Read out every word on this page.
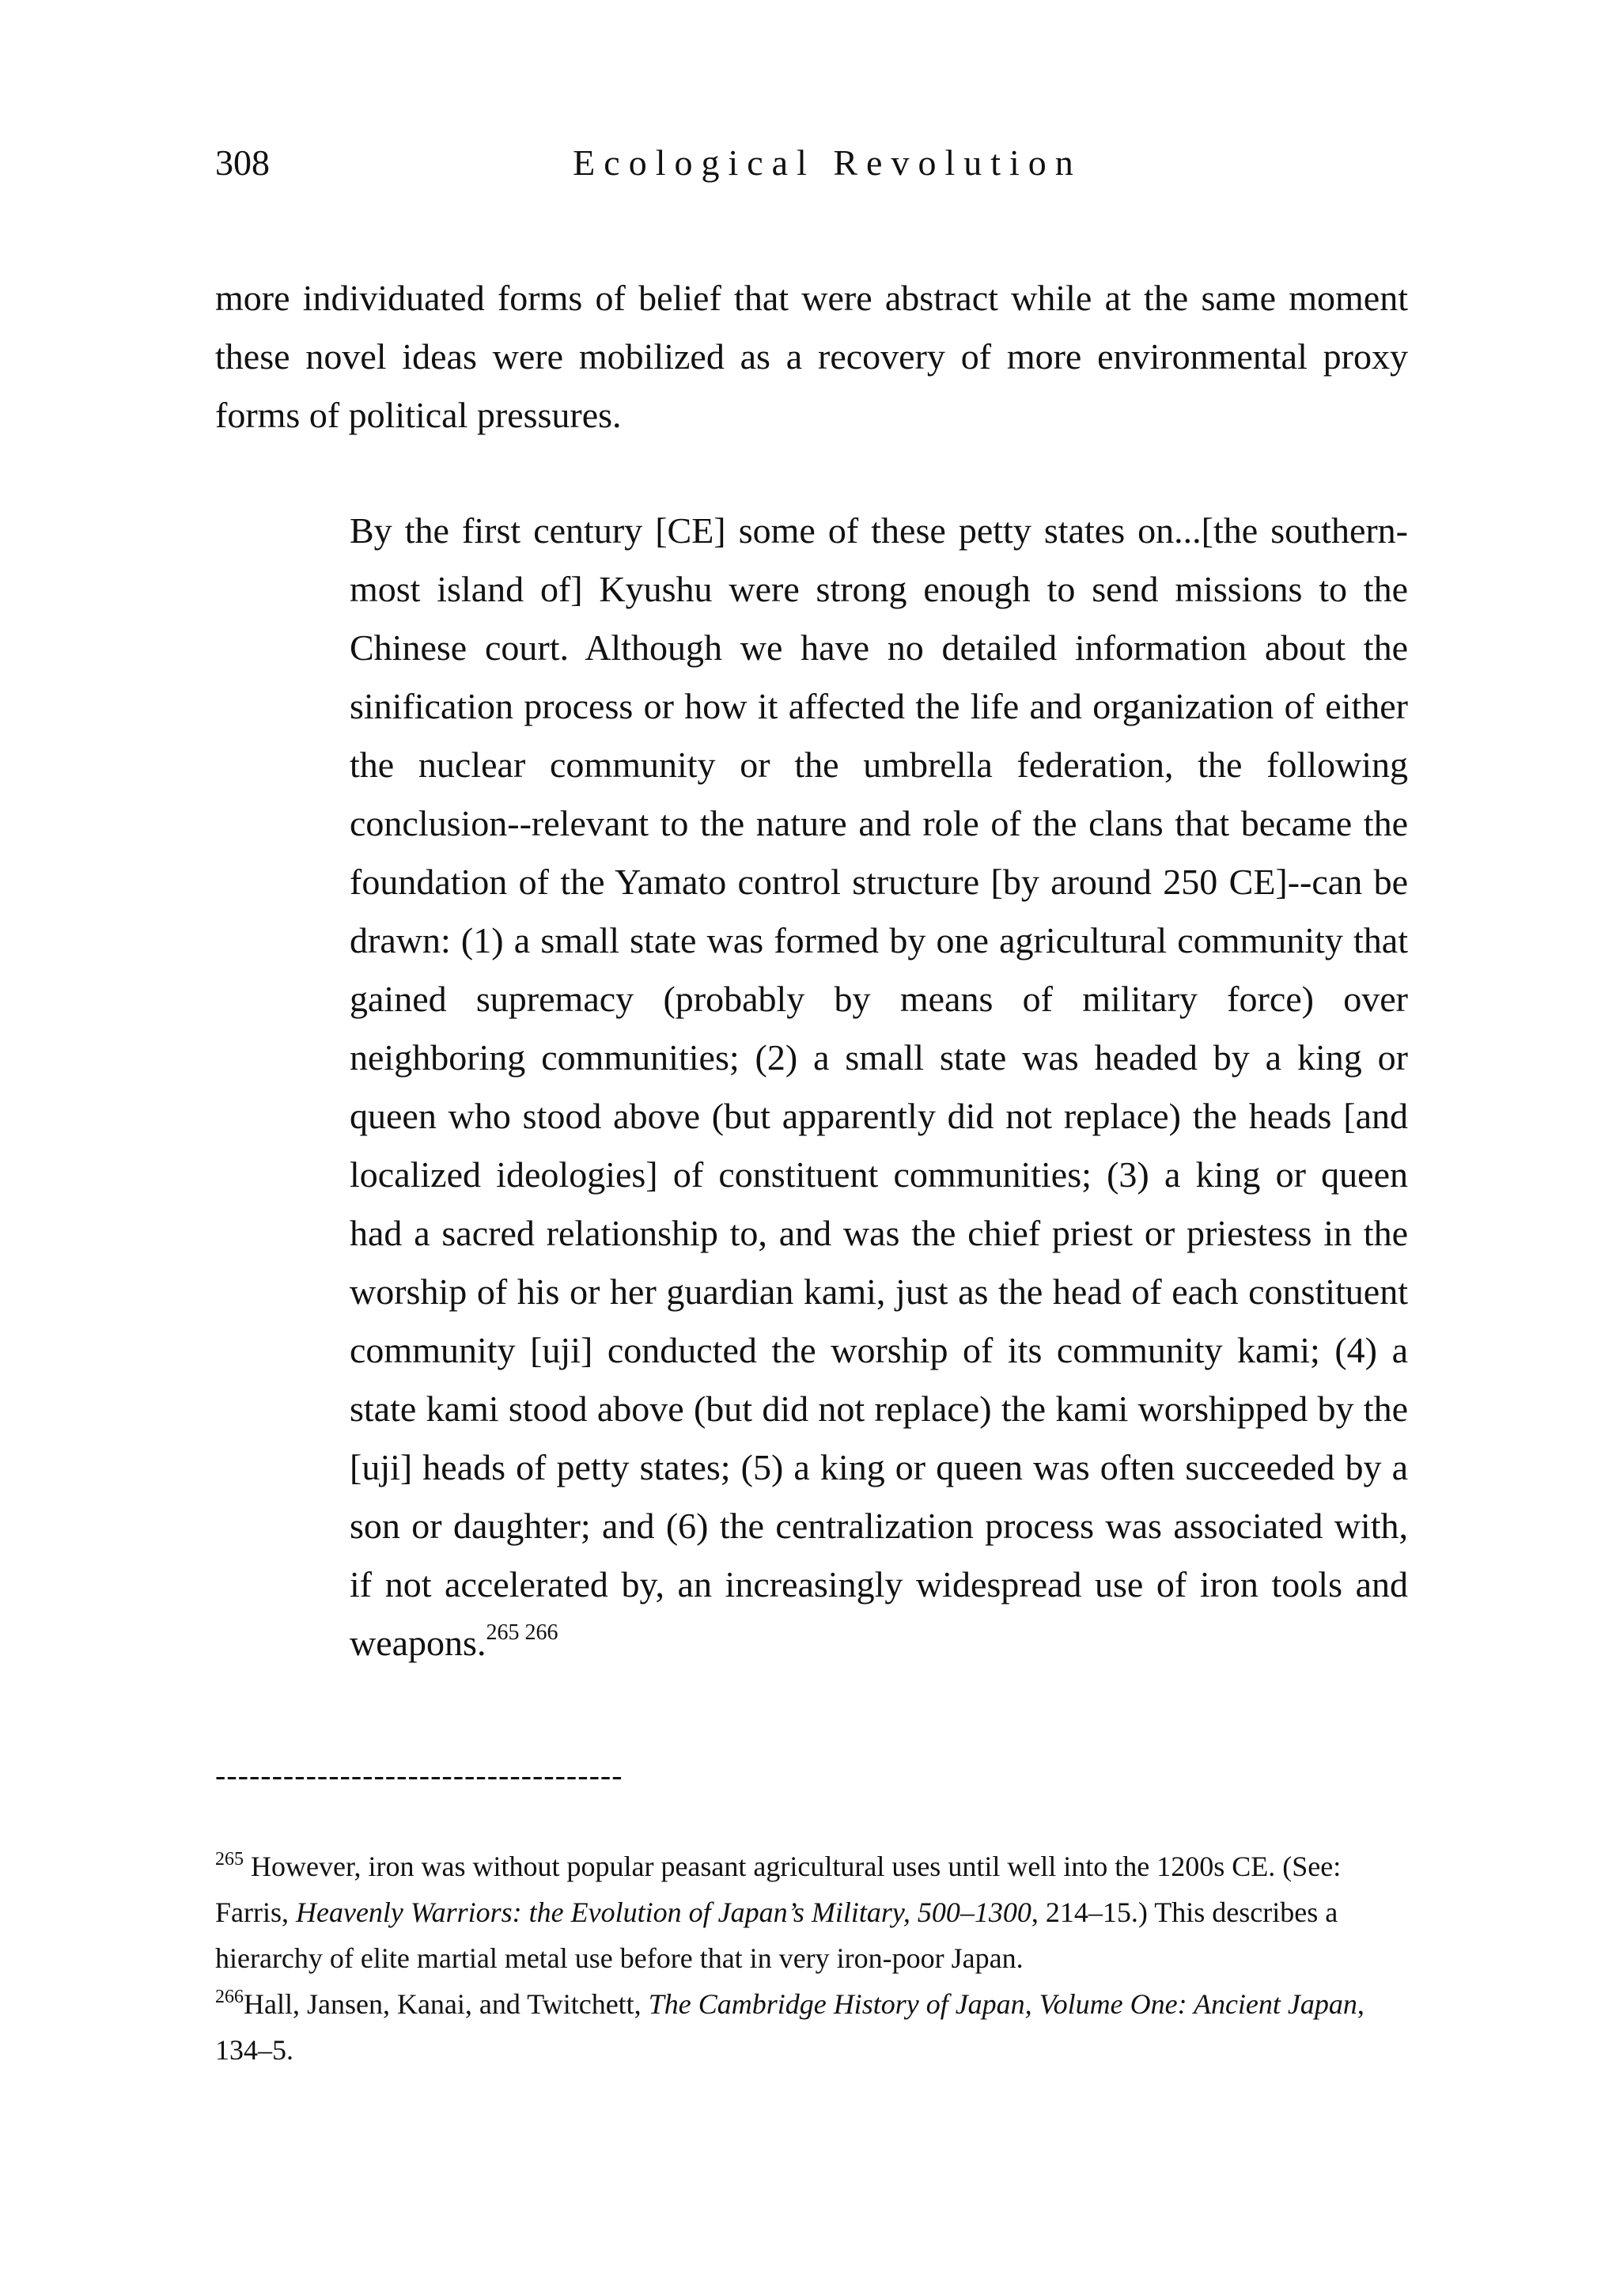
308	Ecological Revolution

more individuated forms of belief that were abstract while at the same moment these novel ideas were mobilized as a recovery of more environmental proxy forms of political pressures.

By the first century [CE] some of these petty states on...[the southern-most island of] Kyushu were strong enough to send missions to the Chinese court. Although we have no detailed information about the sinification process or how it affected the life and organization of either the nuclear community or the umbrella federation, the following conclusion--relevant to the nature and role of the clans that became the foundation of the Yamato control structure [by around 250 CE]--can be drawn: (1) a small state was formed by one agricultural community that gained supremacy (probably by means of military force) over neighboring communities; (2) a small state was headed by a king or queen who stood above (but apparently did not replace) the heads [and localized ideologies] of constituent communities; (3) a king or queen had a sacred relationship to, and was the chief priest or priestess in the worship of his or her guardian kami, just as the head of each constituent community [uji] conducted the worship of its community kami; (4) a state kami stood above (but did not replace) the kami worshipped by the [uji] heads of petty states; (5) a king or queen was often succeeded by a son or daughter; and (6) the centralization process was associated with, if not accelerated by, an increasingly widespread use of iron tools and weapons.$^{265 266}$

------------------------------------

$^{265}$ However, iron was without popular peasant agricultural uses until well into the 1200s CE. (See: Farris, Heavenly Warriors: the Evolution of Japan’s Military, 500–1300, 214–15.) This describes a hierarchy of elite martial metal use before that in very iron-poor Japan.

$^{266}$Hall, Jansen, Kanai, and Twitchett, The Cambridge History of Japan, Volume One: Ancient Japan, 134–5.
